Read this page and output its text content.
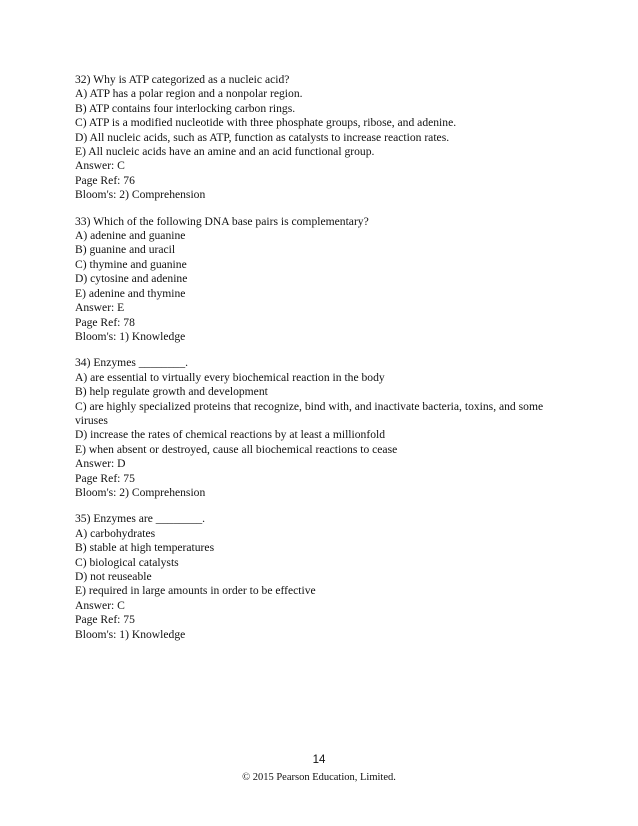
32) Why is ATP categorized as a nucleic acid?
A) ATP has a polar region and a nonpolar region.
B) ATP contains four interlocking carbon rings.
C) ATP is a modified nucleotide with three phosphate groups, ribose, and adenine.
D) All nucleic acids, such as ATP, function as catalysts to increase reaction rates.
E) All nucleic acids have an amine and an acid functional group.
Answer: C
Page Ref: 76
Bloom's: 2) Comprehension
33) Which of the following DNA base pairs is complementary?
A) adenine and guanine
B) guanine and uracil
C) thymine and guanine
D) cytosine and adenine
E) adenine and thymine
Answer: E
Page Ref: 78
Bloom's: 1) Knowledge
34) Enzymes ________.
A) are essential to virtually every biochemical reaction in the body
B) help regulate growth and development
C) are highly specialized proteins that recognize, bind with, and inactivate bacteria, toxins, and some viruses
D) increase the rates of chemical reactions by at least a millionfold
E) when absent or destroyed, cause all biochemical reactions to cease
Answer: D
Page Ref: 75
Bloom's: 2) Comprehension
35) Enzymes are ________.
A) carbohydrates
B) stable at high temperatures
C) biological catalysts
D) not reuseable
E) required in large amounts in order to be effective
Answer: C
Page Ref: 75
Bloom's: 1) Knowledge
14
© 2015 Pearson Education, Limited.
